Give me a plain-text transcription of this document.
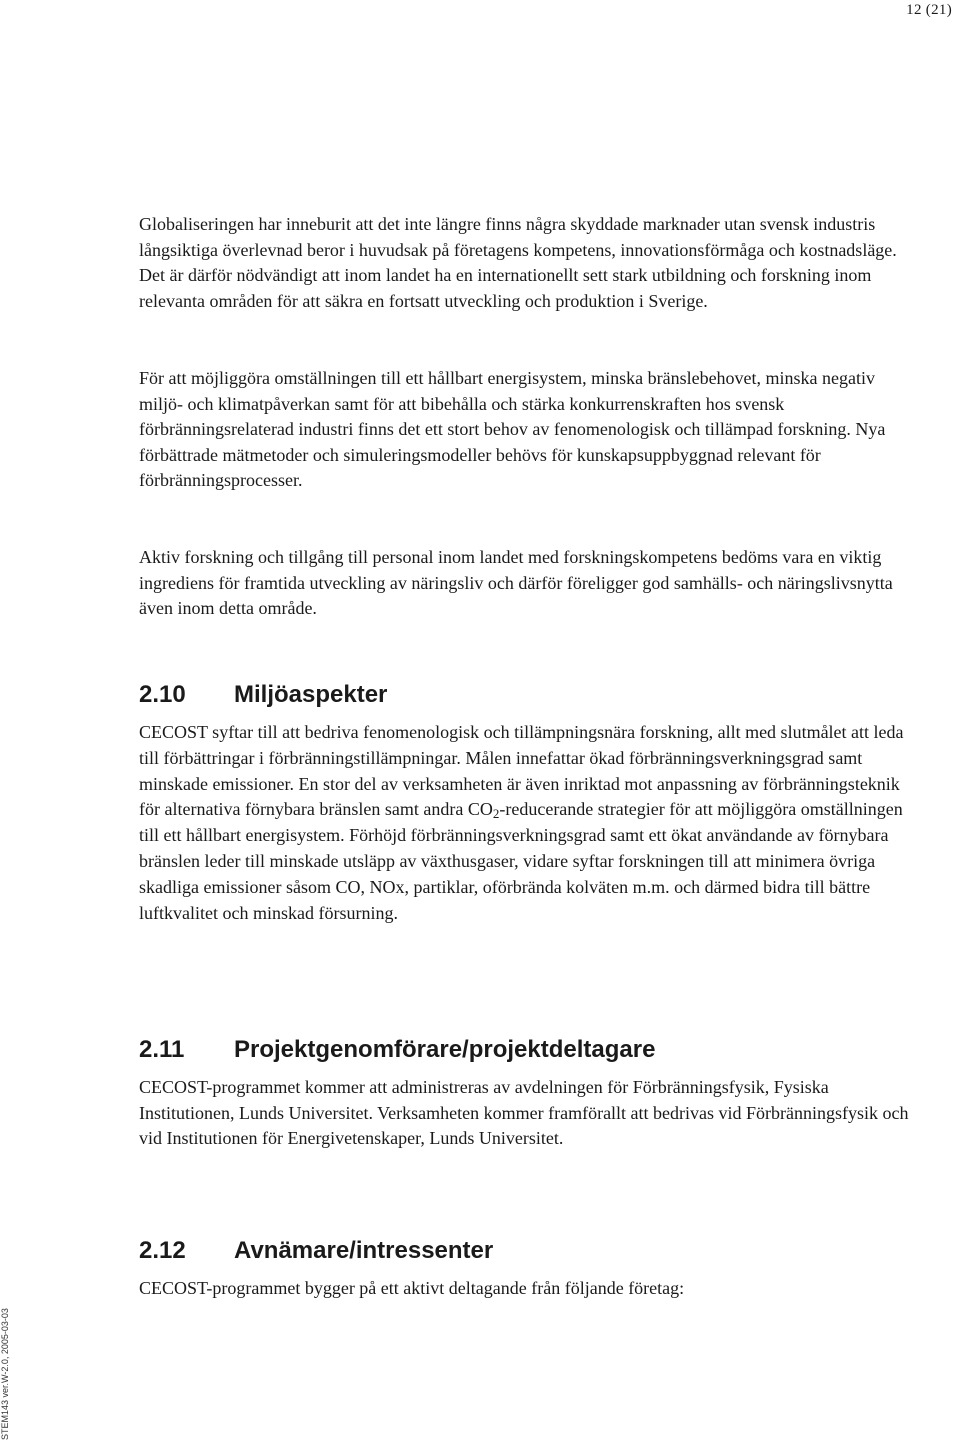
12 (21)

Globaliseringen har inneburit att det inte längre finns några skyddade marknader utan svensk industris långsiktiga överlevnad beror i huvudsak på företagens kompetens, innovationsförmåga och kostnadsläge. Det är därför nödvändigt att inom landet ha en internationellt sett stark utbildning och forskning inom relevanta områden för att säkra en fortsatt utveckling och produktion i Sverige.

För att möjliggöra omställningen till ett hållbart energisystem, minska bränslebehovet, minska negativ miljö- och klimatpåverkan samt för att bibehålla och stärka konkurrenskraften hos svensk förbränningsrelaterad industri finns det ett stort behov av fenomenologisk och tillämpad forskning. Nya förbättrade mätmetoder och simuleringsmodeller behövs för kunskapsuppbyggnad relevant för förbränningsprocesser.

Aktiv forskning och tillgång till personal inom landet med forskningskompetens bedöms vara en viktig ingrediens för framtida utveckling av näringsliv och därför föreligger god samhälls- och näringslivsnytta även inom detta område.

2.10 Miljöaspekter

CECOST syftar till att bedriva fenomenologisk och tillämpningsnära forskning, allt med slutmålet att leda till förbättringar i förbränningstillämpningar. Målen innefattar ökad förbränningsverkningsgrad samt minskade emissioner. En stor del av verksamheten är även inriktad mot anpassning av förbränningsteknik för alternativa förnybara bränslen samt andra $CO_2$-reducerande strategier för att möjliggöra omställningen till ett hållbart energisystem. Förhöjd förbränningsverkningsgrad samt ett ökat användande av förnybara bränslen leder till minskade utsläpp av växthusgaser, vidare syftar forskningen till att minimera övriga skadliga emissioner såsom CO, NOx, partiklar, oförbrända kolväten m.m. och därmed bidra till bättre luftkvalitet och minskad försurning.

2.11 Projektgenomförare/projektdeltagare

CECOST-programmet kommer att administreras av avdelningen för Förbränningsfysik, Fysiska Institutionen, Lunds Universitet. Verksamheten kommer framförallt att bedrivas vid Förbränningsfysik och vid Institutionen för Energivetenskaper, Lunds Universitet.

2.12 Avnämare/intressenter

CECOST-programmet bygger på ett aktivt deltagande från följande företag:

STEM143 ver.W-2.0, 2005-03-03
